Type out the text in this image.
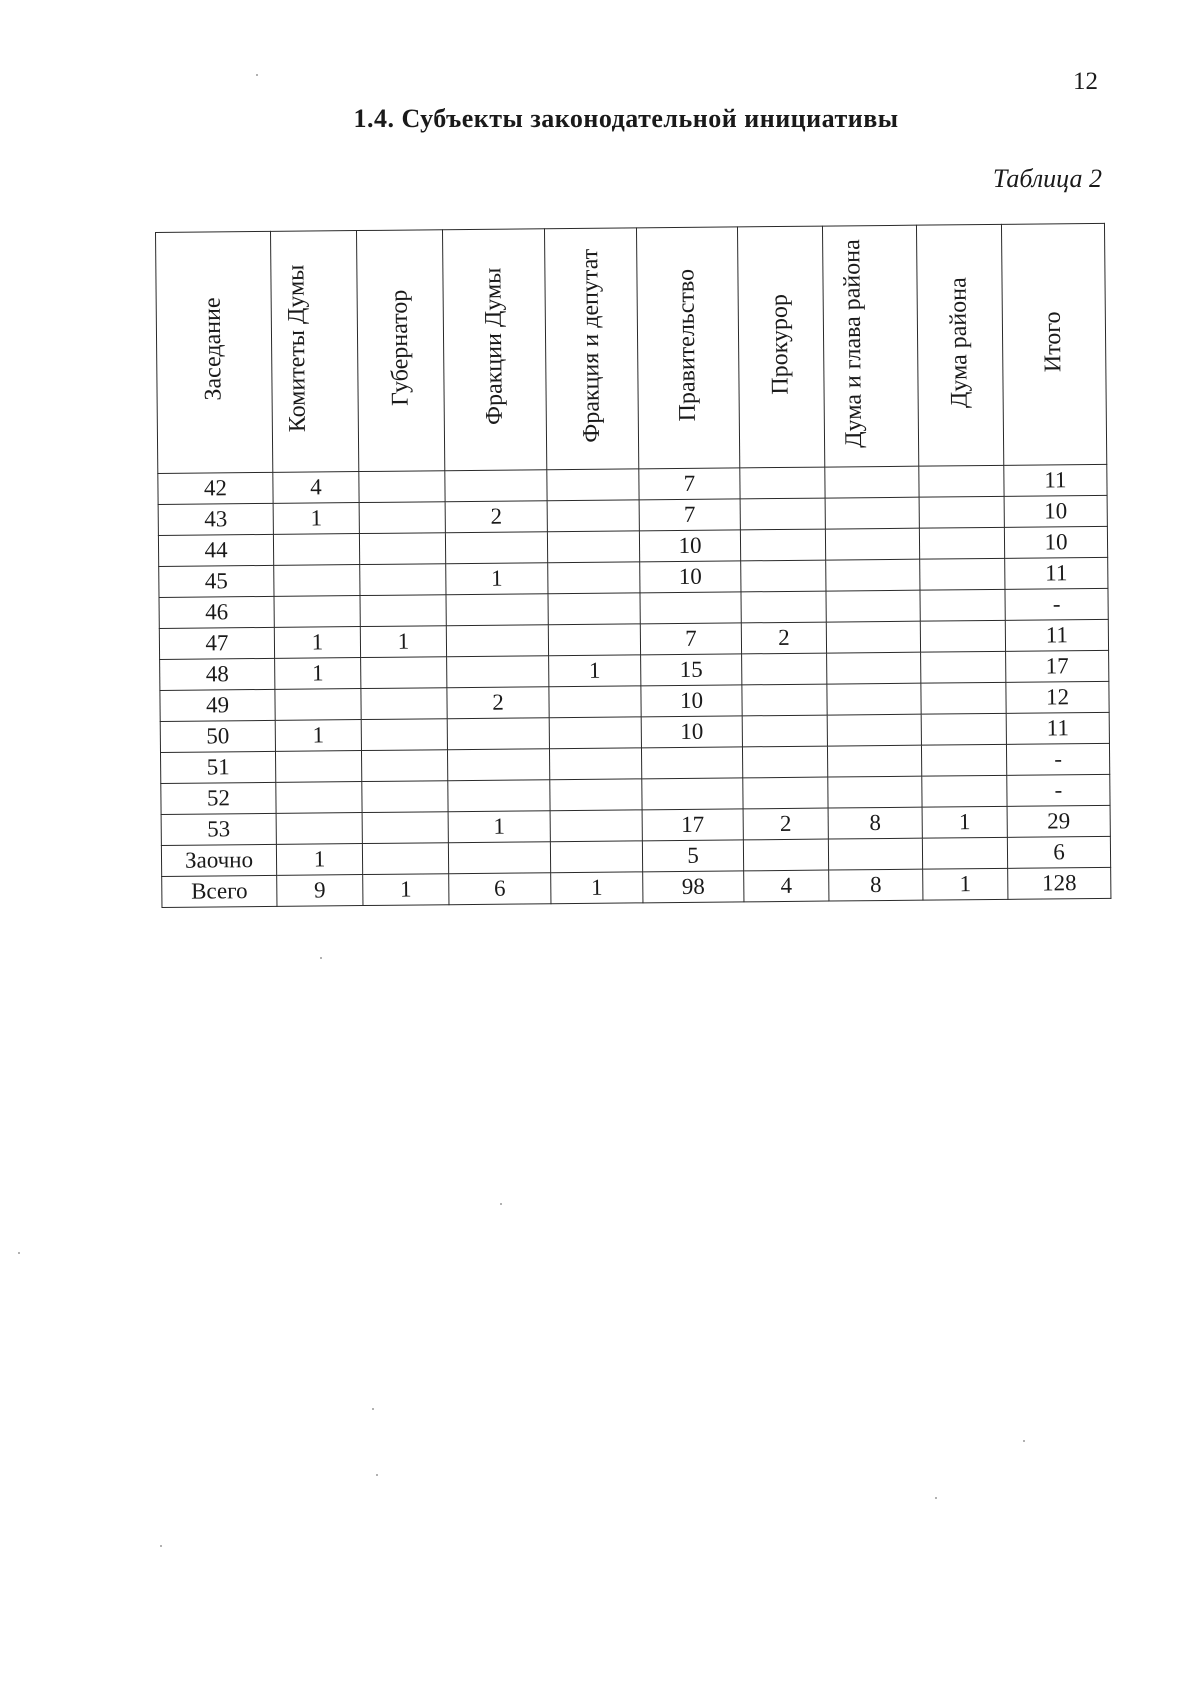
12
1.4. Субъекты законодательной инициативы
Таблица 2
Заседание	Комитеты Думы	Губернатор	Фракции Думы	Фракция и депутат	Правительство	Прокурор	Дума и глава района	Дума района	Итого
42	4				7				11
43	1		2		7				10
44					10				10
45			1		10				11
46									-
47	1	1			7	2			11
48	1			1	15				17
49			2		10				12
50	1				10				11
51									-
52									-
53			1		17	2	8	1	29
Заочно	1				5				6
Всего	9	1	6	1	98	4	8	1	128
